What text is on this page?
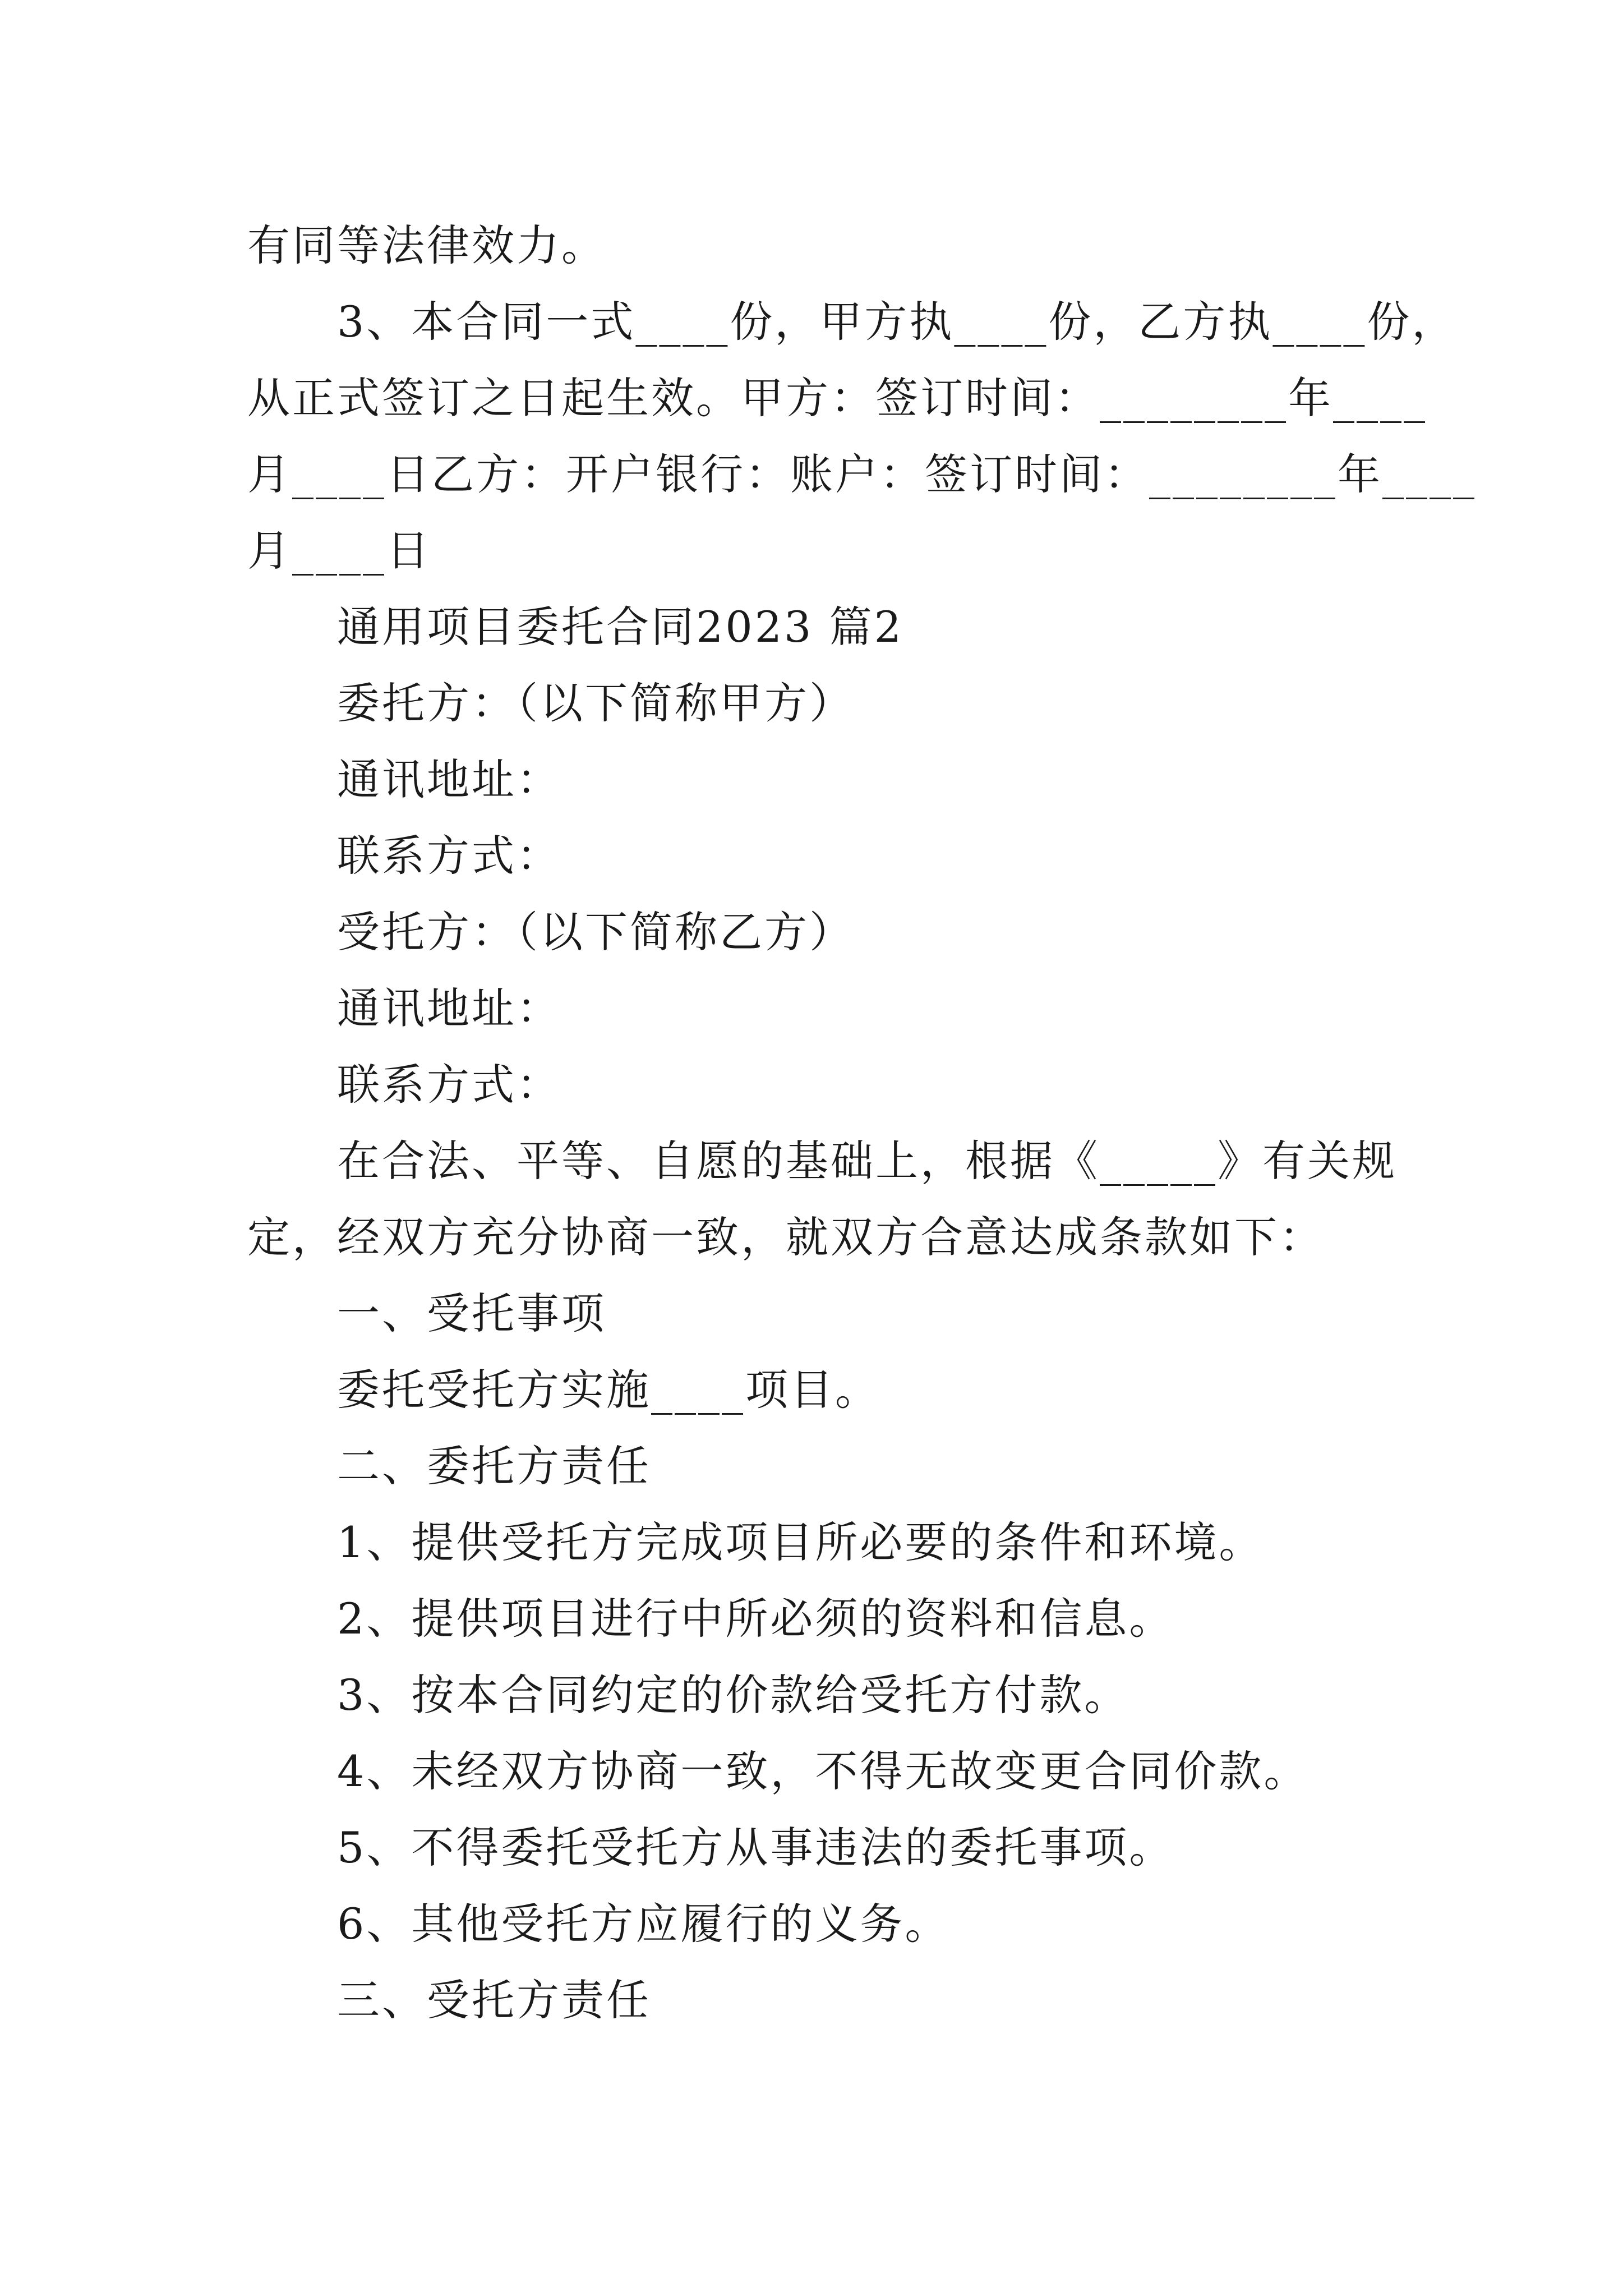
有同等法律效力。
3、本合同一式____份，甲方执____份，乙方执____份，
从正式签订之日起生效。甲方：签订时间：________年____
月____日乙方：开户银行：账户：签订时间：________年____
月____日
通用项目委托合同2023 篇2
委托方：（以下简称甲方）
通讯地址：
联系方式：
受托方：（以下简称乙方）
通讯地址：
联系方式：
在合法、平等、自愿的基础上，根据《_____》有关规
定，经双方充分协商一致，就双方合意达成条款如下：
一、受托事项
委托受托方实施____项目。
二、委托方责任
1、提供受托方完成项目所必要的条件和环境。
2、提供项目进行中所必须的资料和信息。
3、按本合同约定的价款给受托方付款。
4、未经双方协商一致，不得无故变更合同价款。
5、不得委托受托方从事违法的委托事项。
6、其他受托方应履行的义务。
三、受托方责任
